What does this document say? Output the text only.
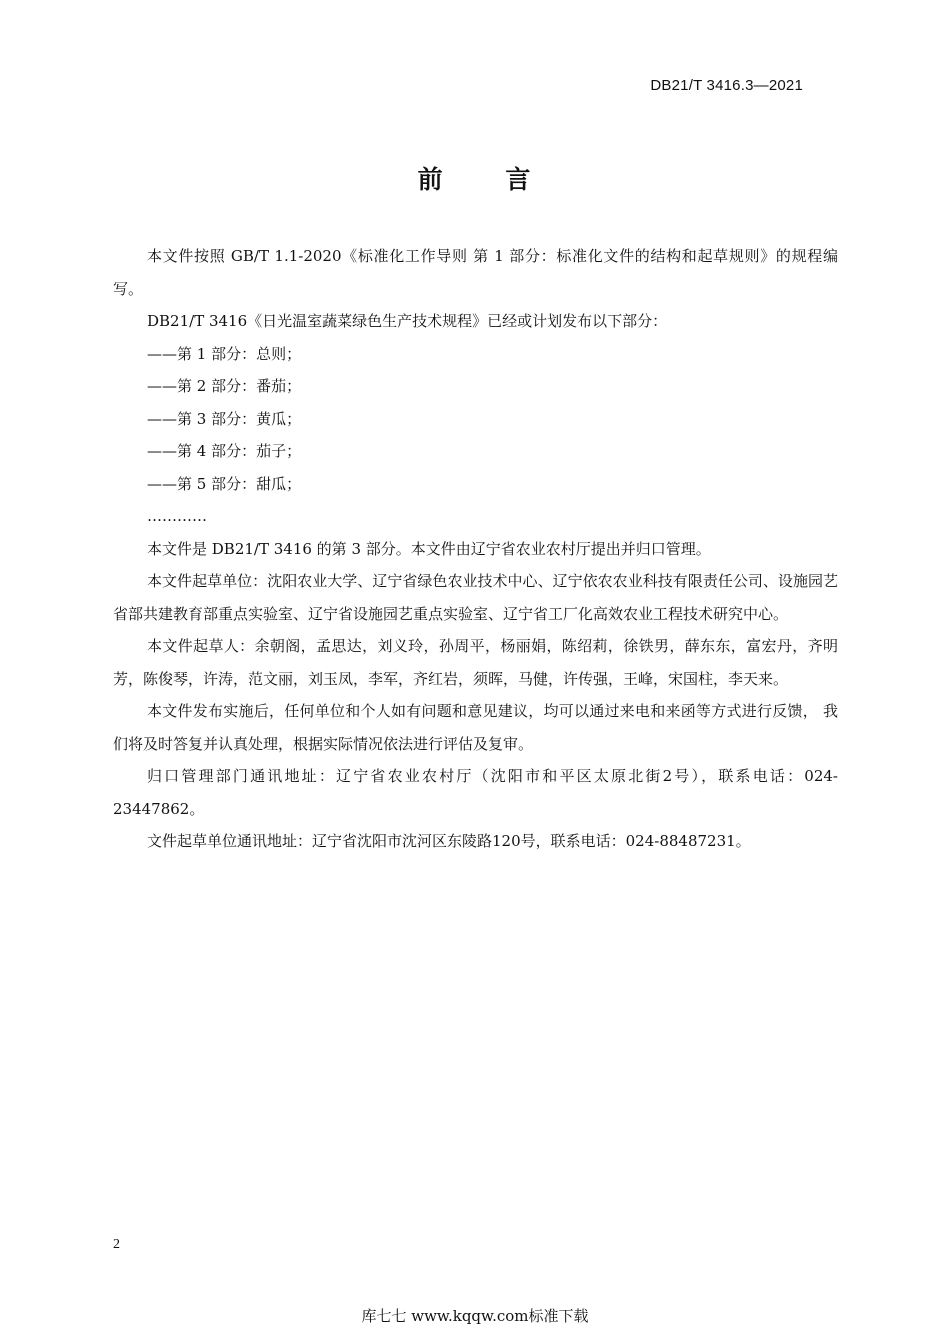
DB21/T 3416.3—2021
前 言

本文件按照 GB/T 1.1-2020《标准化工作导则 第 1 部分：标准化文件的结构和起草规则》的规程编写。

DB21/T 3416《日光温室蔬菜绿色生产技术规程》已经或计划发布以下部分：

——第 1 部分：总则；
——第 2 部分：番茄；
——第 3 部分：黄瓜；
——第 4 部分：茄子；
——第 5 部分：甜瓜；
…………

本文件是 DB21/T 3416 的第 3 部分。本文件由辽宁省农业农村厅提出并归口管理。

本文件起草单位：沈阳农业大学、辽宁省绿色农业技术中心、辽宁依农农业科技有限责任公司、设施园艺省部共建教育部重点实验室、辽宁省设施园艺重点实验室、辽宁省工厂化高效农业工程技术研究中心。

本文件起草人：余朝阁，孟思达，刘义玲，孙周平，杨丽娟，陈绍莉，徐铁男，薛东东，富宏丹，齐明芳，陈俊琴，许涛，范文丽，刘玉凤，李军，齐红岩，须晖，马健，许传强，王峰，宋国柱，李天来。

本文件发布实施后，任何单位和个人如有问题和意见建议，均可以通过来电和来函等方式进行反馈， 我们将及时答复并认真处理，根据实际情况依法进行评估及复审。

归口管理部门通讯地址：辽宁省农业农村厅（沈阳市和平区太原北街2号），联系电话：024-23447862。

文件起草单位通讯地址：辽宁省沈阳市沈河区东陵路120号，联系电话：024-88487231。

2
库七七 www.kqqw.com标准下载
